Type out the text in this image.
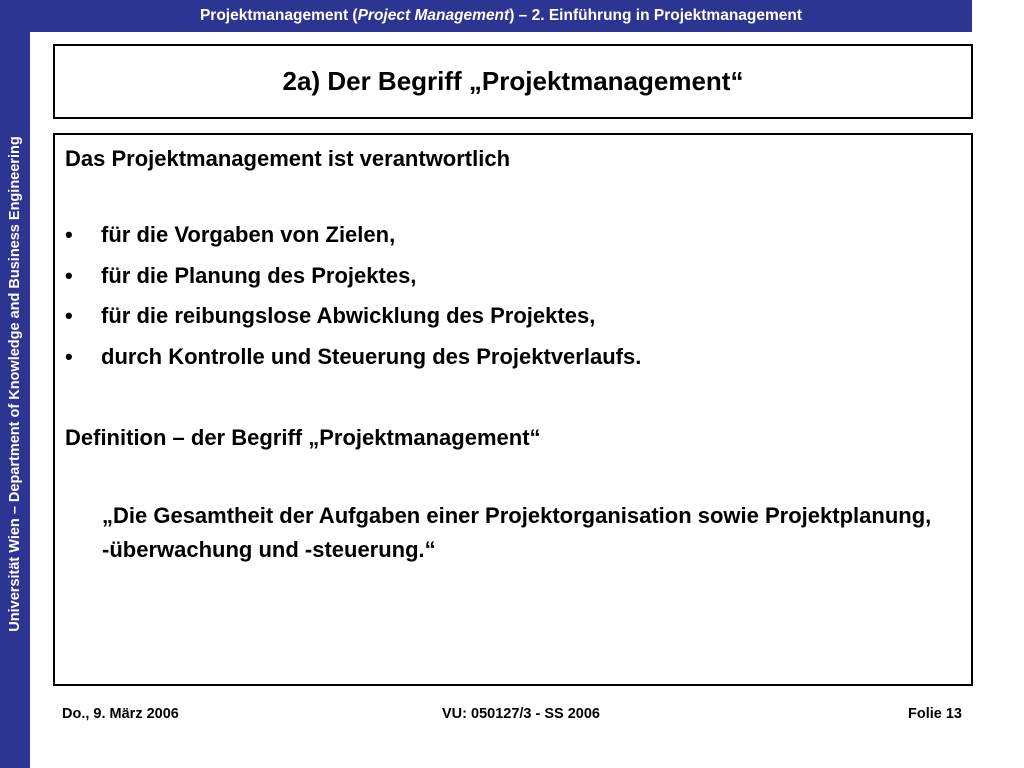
Universität Wien – Department of Knowledge and Business Engineering
Projektmanagement (Project Management) – 2. Einführung in Projektmanagement
2a) Der Begriff „Projektmanagement“
Das Projektmanagement ist verantwortlich
• für die Vorgaben von Zielen,
• für die Planung des Projektes,
• für die reibungslose Abwicklung des Projektes,
• durch Kontrolle und Steuerung des Projektverlaufs.
Definition – der Begriff „Projektmanagement“
„Die Gesamtheit der Aufgaben einer Projektorganisation sowie Projektplanung, -überwachung und -steuerung.“
Do., 9. März 2006	VU: 050127/3 - SS 2006	Folie 13
